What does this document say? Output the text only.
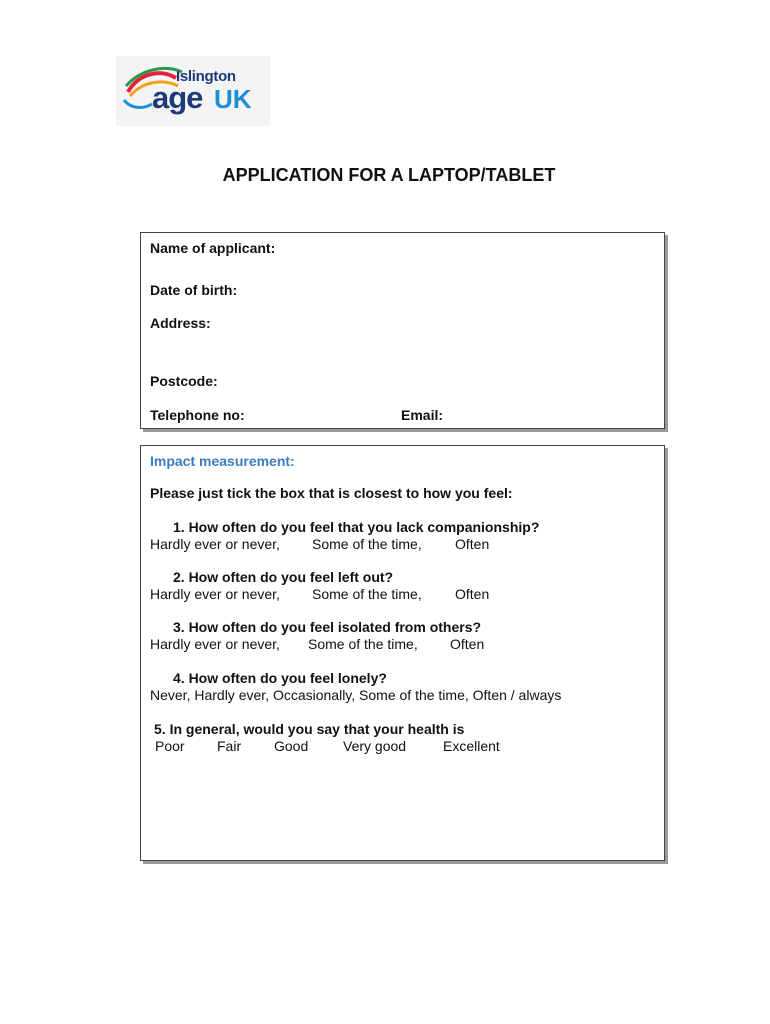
Islington
age UK
APPLICATION FOR A LAPTOP/TABLET
Name of applicant:
Date of birth:
Address:
Postcode:
Telephone no:	Email:
Impact measurement:
Please just tick the box that is closest to how you feel:
1. How often do you feel that you lack companionship?
Hardly ever or never, Some of the time, Often
2. How often do you feel left out?
Hardly ever or never, Some of the time, Often
3. How often do you feel isolated from others?
Hardly ever or never, Some of the time, Often
4. How often do you feel lonely?
Never, Hardly ever, Occasionally, Some of the time, Often / always
5. In general, would you say that your health is
Poor Fair Good Very good	Excellent
